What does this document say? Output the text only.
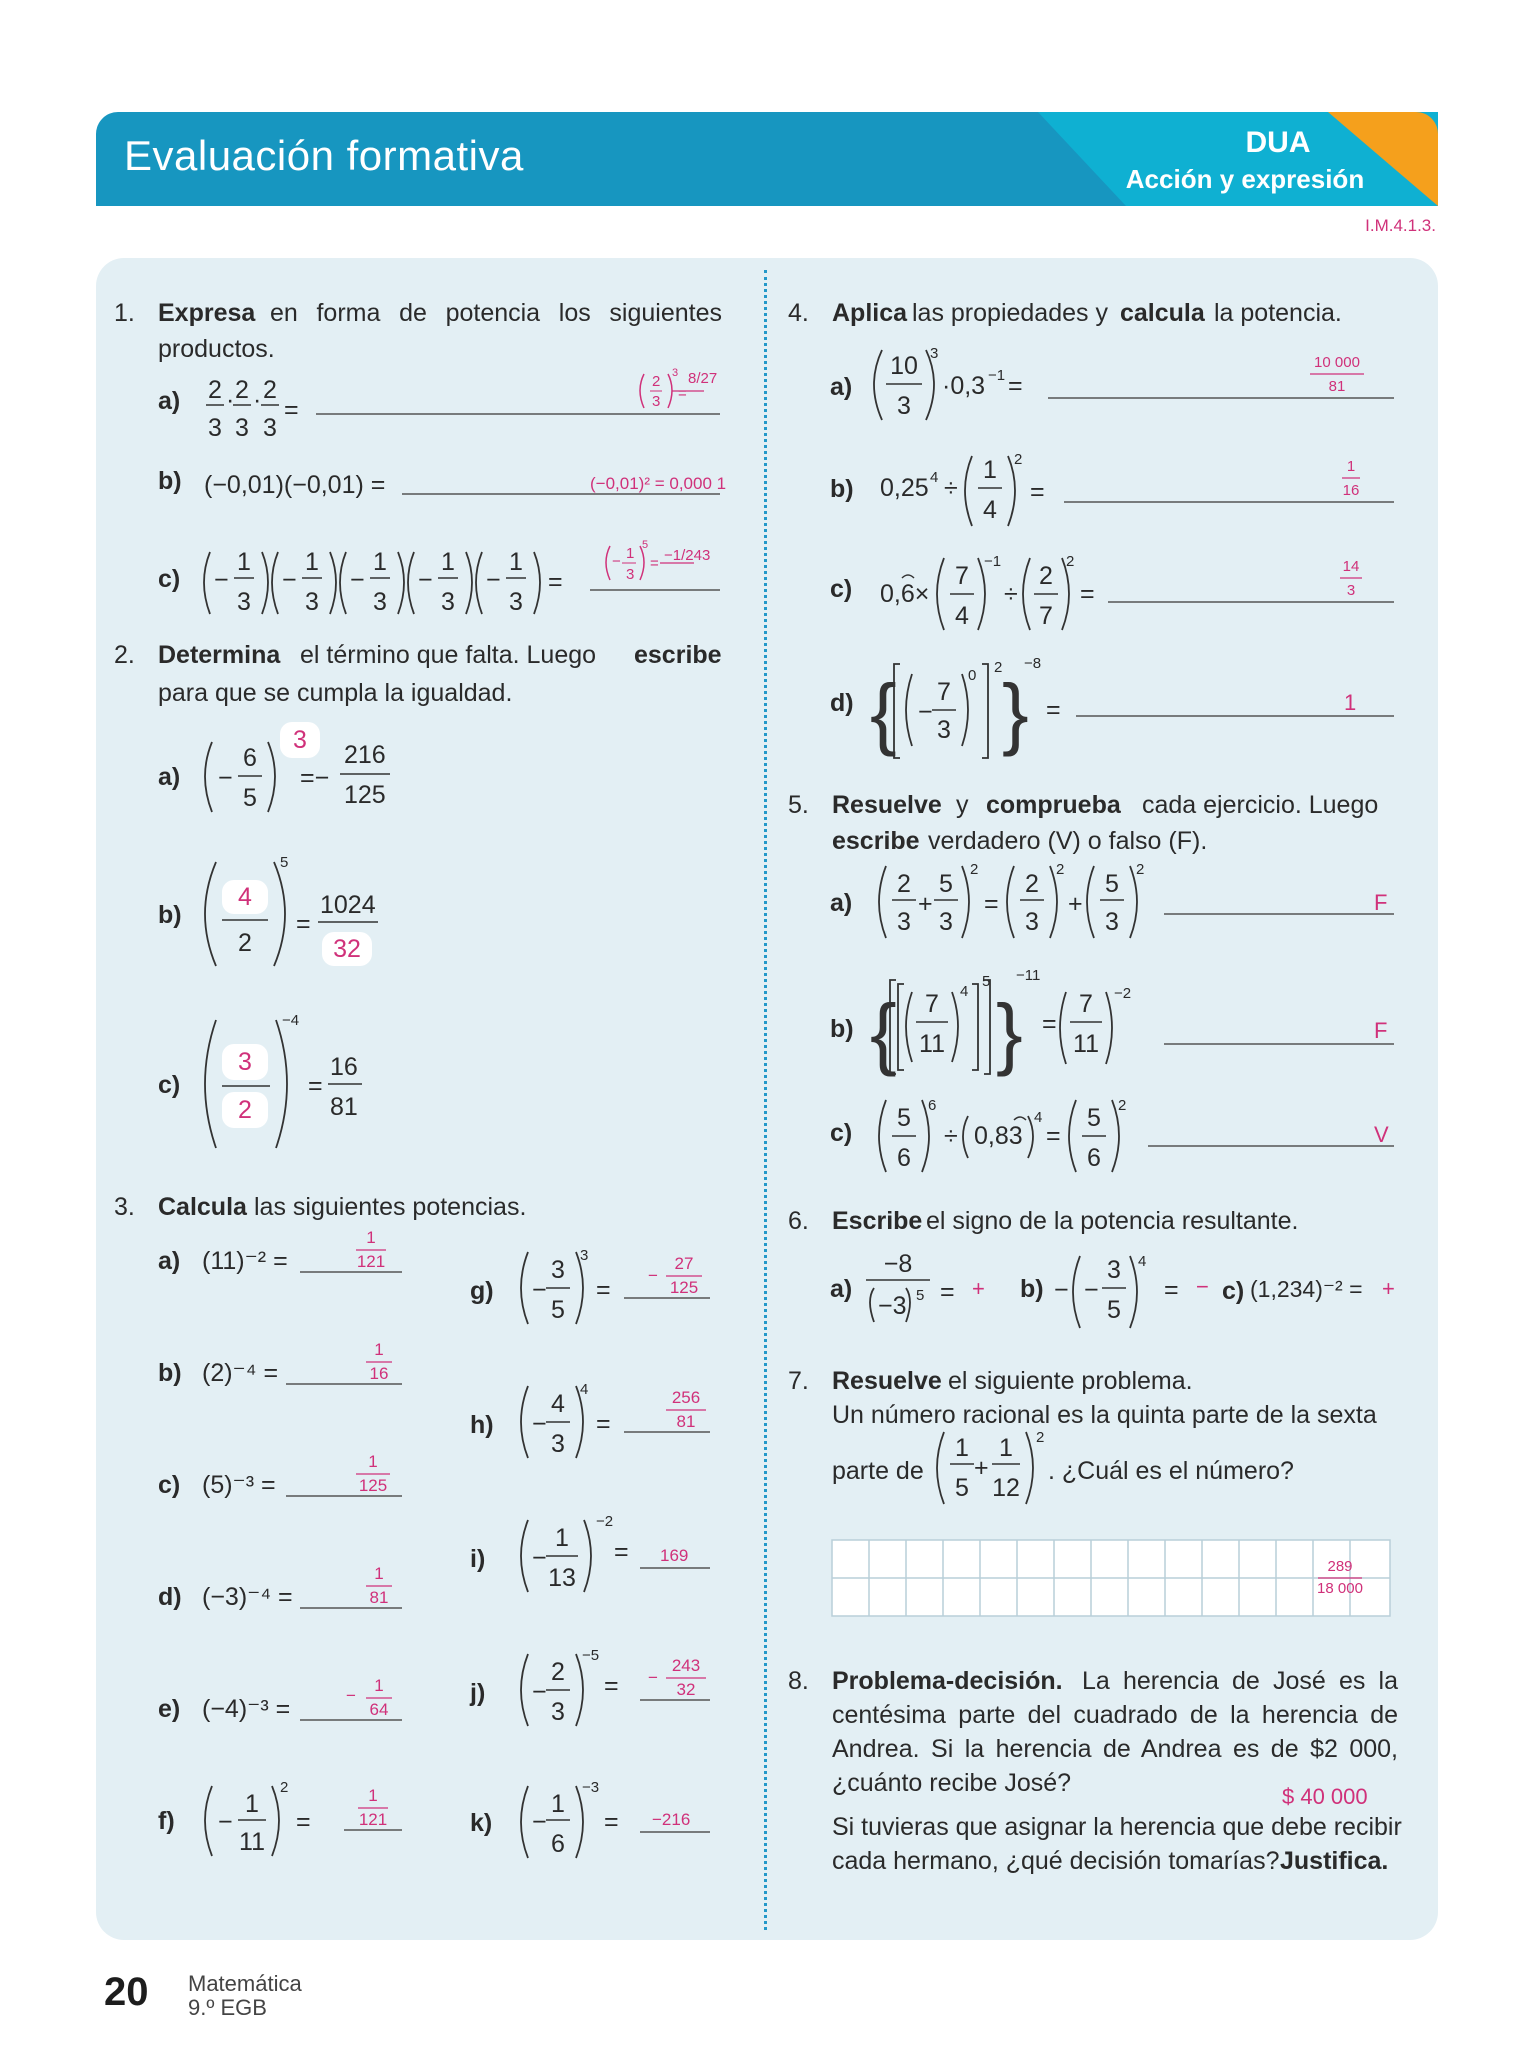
Evaluación formativa	DUA
Acción y expresión
I.M.4.1.3.
2
3
· 2
3
· 2
3
=
2
3
3
=
−
1
3
−
1
3
−
1
3
−
1
3
−
1
3
=
− 1
3
5
=
−
6
5
=−
=
=
−
1
11
2
=
−
3
5
3
=
−
4
3
4
=
−
1
13
−2
=
−
2
3
−5
=
−
1
6
−3
=
10
3
3
·0,3 −1 =
0,25 4 ÷
1
4
2
=
0,6×
7
4
−1
÷
2
7
2
=
{ −
7
3
0 2
}
−8
=
2
3
+
5
3
2
=
2
3
2
+
5
3
2
{ 7
11
4
5
}
−11
=
7
11
−2
5
6
6
÷ 0,83
4
=
5
6
2
−8
−3 5 =	− −
3
5
4
=
1
5
+
1
12
2
1. Expresa en forma de potencia los siguientes
productos.
a)
8/27
b) (−0,01)(−0,01) =	(−0,01)² = 0,000 1
c)
−1/243
2. Determina el término que falta. Luego escribe
para que se cumpla la igualdad.
a)
3
216
125
b)
4
2
5
1024
32
c)
3
2
−4
16
81
3. Calcula las siguientes potencias.
a) (11)⁻² =
1
121
b) (2)⁻⁴ =
1
16
c) (5)⁻³ =
1
125
d) (−3)⁻⁴ =
1
81
e) (−4)⁻³ =	−
1
64
f)
1
121
g)
−
27
125
h)
256
81
i)	169
j)
−
243
32
k)	−216
4. Aplica las propiedades y calcula la potencia.
a)
10 000
81
b)
1
16
c)
14
3
d)	1
5. Resuelve y comprueba cada ejercicio. Luego
escribe verdadero (V) o falso (F).
a)	F
b)	F
c)	V
6. Escribe el signo de la potencia resultante.
a)	+ b)	− c) (1,234)⁻² = +
7. Resuelve el siguiente problema.
Un número racional es la quinta parte de la sexta
parte de	. ¿Cuál es el número?
289
18 000
8. Problema-decisión. La herencia de José es la
centésima parte del cuadrado de la herencia de
Andrea. Si la herencia de Andrea es de $2 000,
¿cuánto recibe José?	$ 40 000
Si tuvieras que asignar la herencia que debe recibir
cada hermano, ¿qué decisión tomarías? Justifica.
20 Matemática
9.º EGB
